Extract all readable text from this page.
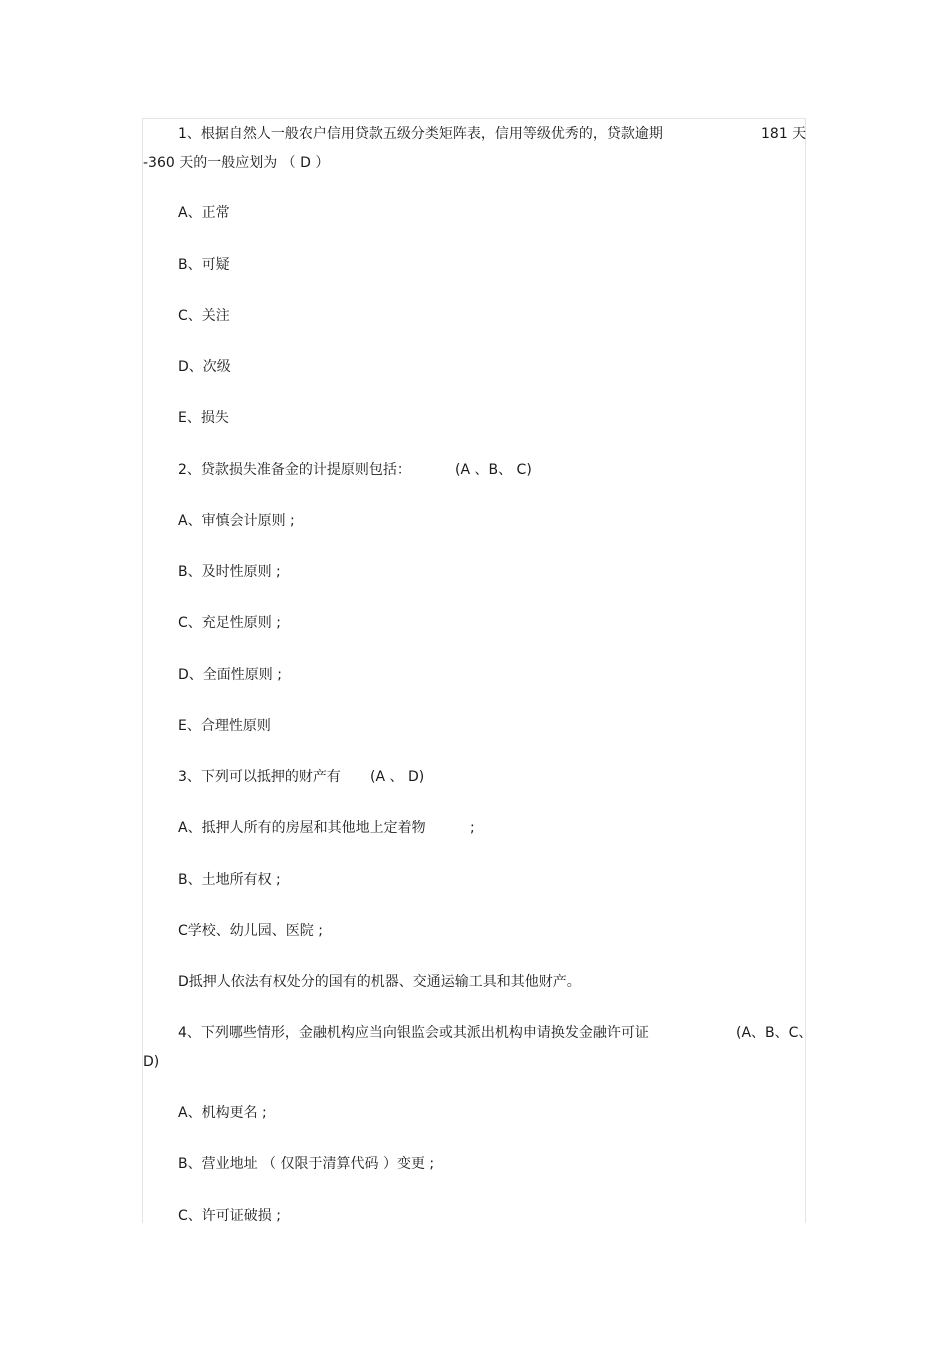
1、根据自然人一般农户信用贷款五级分类矩阵表，信用等级优秀的，贷款逾期	181 天
-360 天的一般应划为 （ D ）
A、正常
B、可疑
C、关注
D、次级
E、损失
2、贷款损失准备金的计提原则包括：	(A 、B、 C)
A、审慎会计原则 ;
B、及时性原则 ;
C、充足性原则 ;
D、全面性原则 ;
E、合理性原则
3、下列可以抵押的财产有 (A 、 D)
A、抵押人所有的房屋和其他地上定着物	;
B、土地所有权 ;
C学校、幼儿园、医院 ;
D抵押人依法有权处分的国有的机器、交通运输工具和其他财产。
4、下列哪些情形，金融机构应当向银监会或其派出机构申请换发金融许可证	(A、B、C、
D)
A、机构更名 ;
B、营业地址 （ 仅限于清算代码 ）变更 ;
C、许可证破损 ;
